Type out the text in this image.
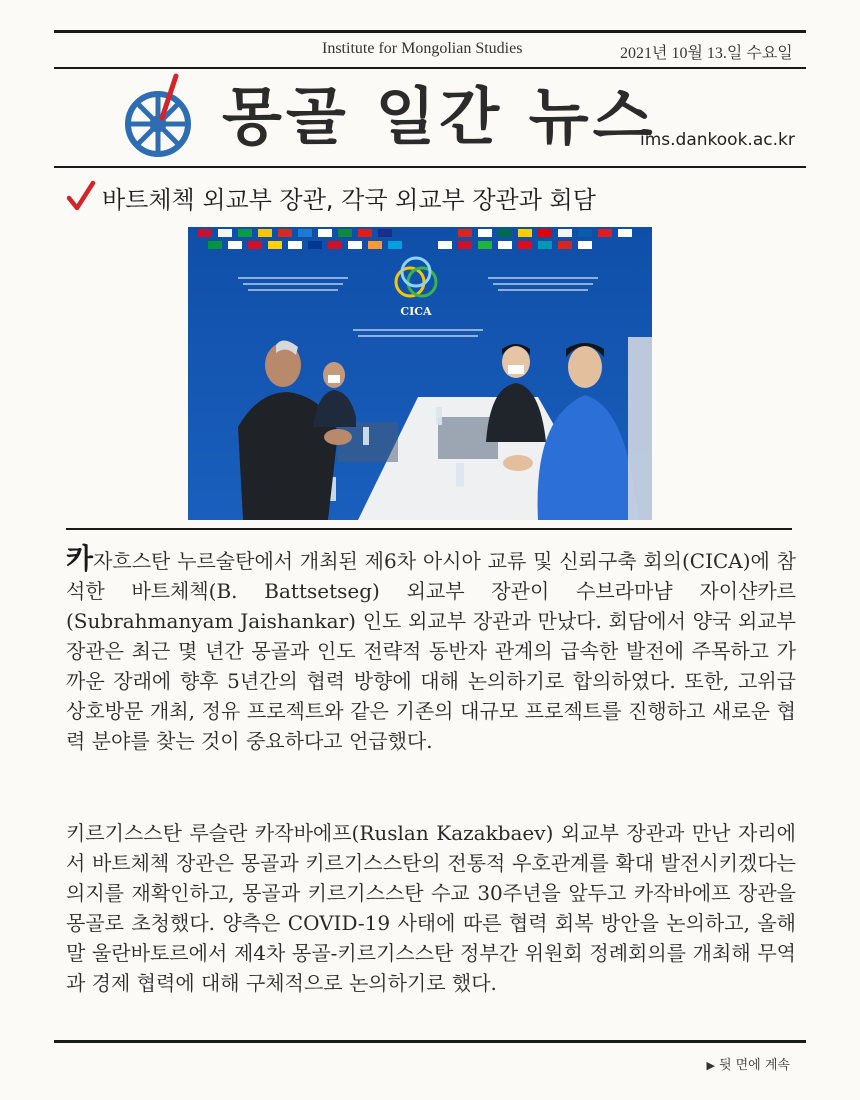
Institute for Mongolian Studies	2021년 10월 13.일 수요일
몽골 일간 뉴스
ims.dankook.ac.kr
바트체첵 외교부 장관, 각국 외교부 장관과 회담
CICA

카자흐스탄 누르술탄에서 개최된 제6차 아시아 교류 및 신뢰구축 회의(CICA)에 참석한 바트체첵(B. Battsetseg) 외교부 장관이 수브라마냠 자이샨카르(Subrahmanyam Jaishankar) 인도 외교부 장관과 만났다. 회담에서 양국 외교부 장관은 최근 몇 년간 몽골과 인도 전략적 동반자 관계의 급속한 발전에 주목하고 가까운 장래에 향후 5년간의 협력 방향에 대해 논의하기로 합의하였다. 또한, 고위급 상호방문 개최, 정유 프로젝트와 같은 기존의 대규모 프로젝트를 진행하고 새로운 협력 분야를 찾는 것이 중요하다고 언급했다.

키르기스스탄 루슬란 카작바에프(Ruslan Kazakbaev) 외교부 장관과 만난 자리에서 바트체첵 장관은 몽골과 키르기스스탄의 전통적 우호관계를 확대 발전시키겠다는 의지를 재확인하고, 몽골과 키르기스스탄 수교 30주년을 앞두고 카작바에프 장관을 몽골로 초청했다. 양측은 COVID-19 사태에 따른 협력 회복 방안을 논의하고, 올해 말 울란바토르에서 제4차 몽골-키르기스스탄 정부간 위원회 정례회의를 개최해 무역과 경제 협력에 대해 구체적으로 논의하기로 했다.

▶ 뒷 면에 계속
